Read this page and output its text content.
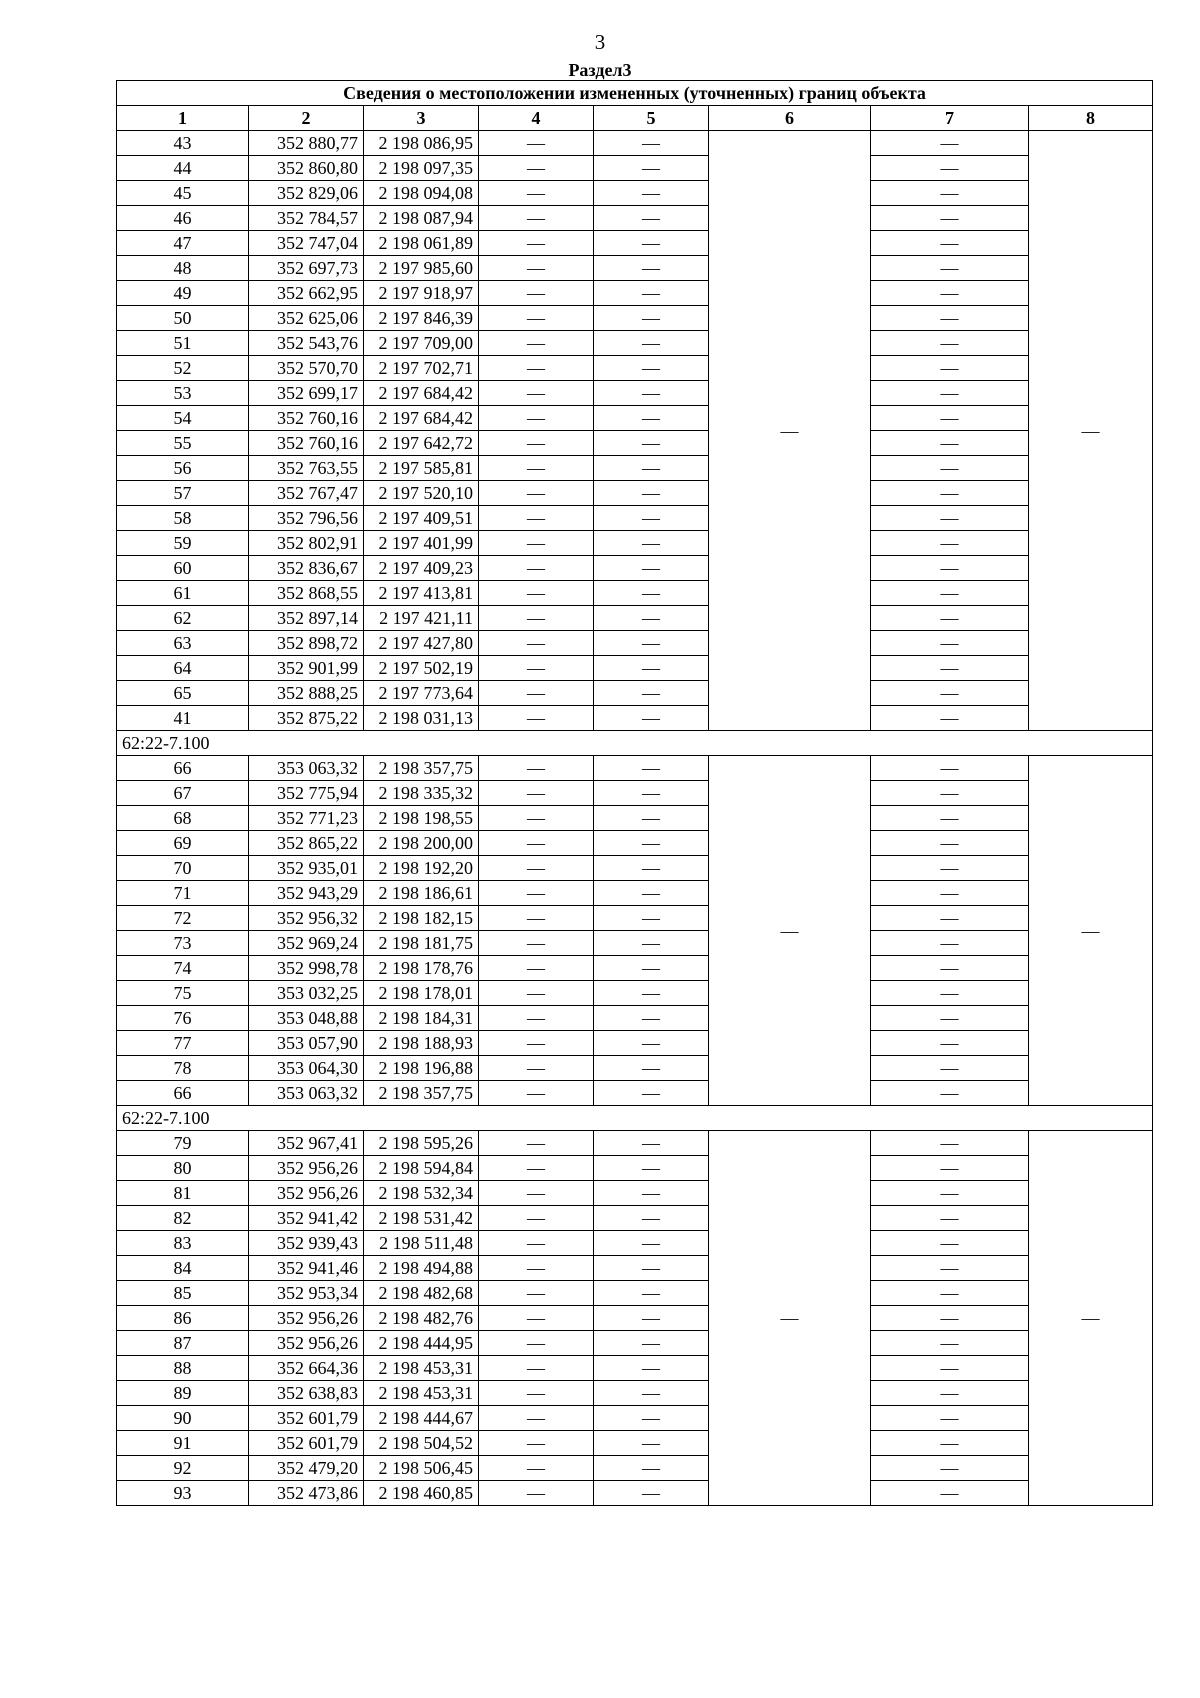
3
Раздел3
Сведения о местоположении измененных (уточненных) границ объекта							
1	2	3	4	5	6	7	8
43	352 880,77	2 198 086,95	—	—	—	—	—
44	352 860,80	2 198 097,35	—	—		—	
45	352 829,06	2 198 094,08	—	—		—	
46	352 784,57	2 198 087,94	—	—		—	
47	352 747,04	2 198 061,89	—	—		—	
48	352 697,73	2 197 985,60	—	—		—	
49	352 662,95	2 197 918,97	—	—		—	
50	352 625,06	2 197 846,39	—	—		—	
51	352 543,76	2 197 709,00	—	—		—	
52	352 570,70	2 197 702,71	—	—		—	
53	352 699,17	2 197 684,42	—	—		—	
54	352 760,16	2 197 684,42	—	—		—	
55	352 760,16	2 197 642,72	—	—		—	
56	352 763,55	2 197 585,81	—	—		—	
57	352 767,47	2 197 520,10	—	—		—	
58	352 796,56	2 197 409,51	—	—		—	
59	352 802,91	2 197 401,99	—	—		—	
60	352 836,67	2 197 409,23	—	—		—	
61	352 868,55	2 197 413,81	—	—		—	
62	352 897,14	2 197 421,11	—	—		—	
63	352 898,72	2 197 427,80	—	—		—	
64	352 901,99	2 197 502,19	—	—		—	
65	352 888,25	2 197 773,64	—	—		—	
41	352 875,22	2 198 031,13	—	—		—	
62:22-7.100							
66	353 063,32	2 198 357,75	—	—	—	—	—
67	352 775,94	2 198 335,32	—	—		—	
68	352 771,23	2 198 198,55	—	—		—	
69	352 865,22	2 198 200,00	—	—		—	
70	352 935,01	2 198 192,20	—	—		—	
71	352 943,29	2 198 186,61	—	—		—	
72	352 956,32	2 198 182,15	—	—		—	
73	352 969,24	2 198 181,75	—	—		—	
74	352 998,78	2 198 178,76	—	—		—	
75	353 032,25	2 198 178,01	—	—		—	
76	353 048,88	2 198 184,31	—	—		—	
77	353 057,90	2 198 188,93	—	—		—	
78	353 064,30	2 198 196,88	—	—		—	
66	353 063,32	2 198 357,75	—	—		—	
62:22-7.100							
79	352 967,41	2 198 595,26	—	—	—	—	—
80	352 956,26	2 198 594,84	—	—		—	
81	352 956,26	2 198 532,34	—	—		—	
82	352 941,42	2 198 531,42	—	—		—	
83	352 939,43	2 198 511,48	—	—		—	
84	352 941,46	2 198 494,88	—	—		—	
85	352 953,34	2 198 482,68	—	—		—	
86	352 956,26	2 198 482,76	—	—		—	
87	352 956,26	2 198 444,95	—	—		—	
88	352 664,36	2 198 453,31	—	—		—	
89	352 638,83	2 198 453,31	—	—		—	
90	352 601,79	2 198 444,67	—	—		—	
91	352 601,79	2 198 504,52	—	—		—	
92	352 479,20	2 198 506,45	—	—		—	
93	352 473,86	2 198 460,85	—	—		—	
